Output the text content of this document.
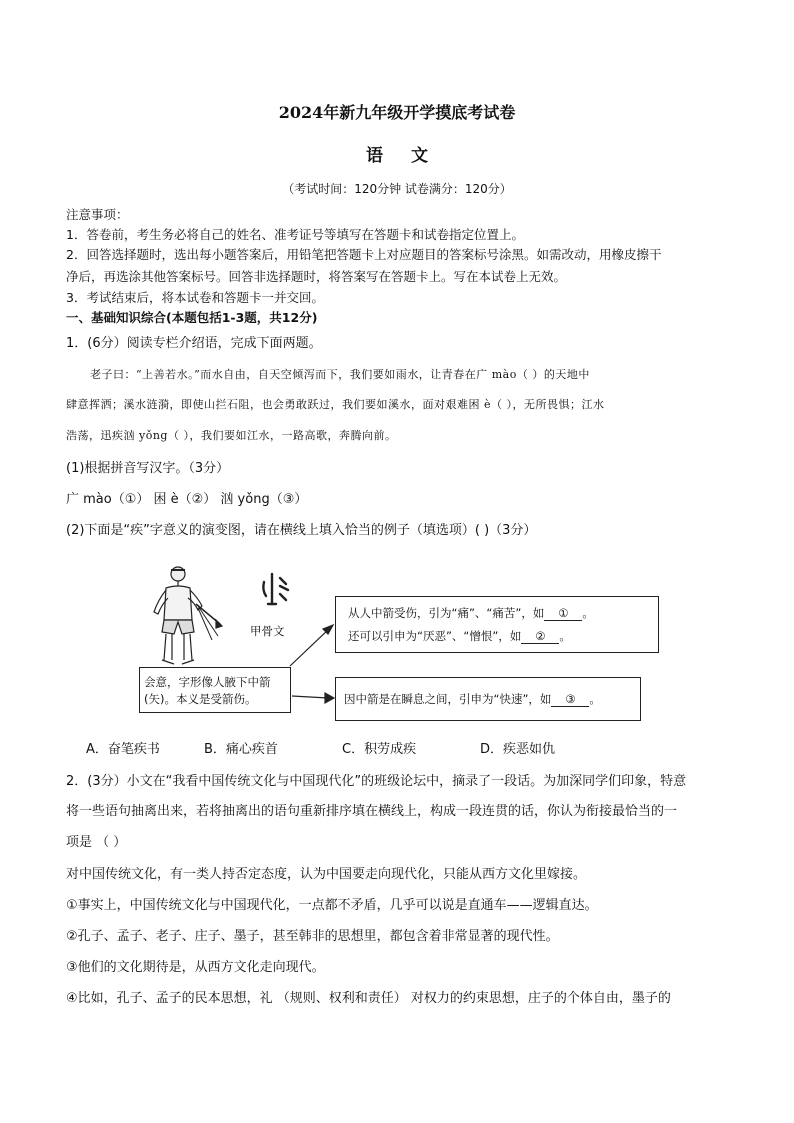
2024年新九年级开学摸底考试卷
语文
（考试时间：120分钟 试卷满分：120分）
注意事项：
1．答卷前，考生务必将自己的姓名、准考证号等填写在答题卡和试卷指定位置上。
2．回答选择题时，选出每小题答案后，用铅笔把答题卡上对应题目的答案标号涂黑。如需改动，用橡皮擦干
净后，再选涂其他答案标号。回答非选择题时，将答案写在答题卡上。写在本试卷上无效。
3．考试结束后，将本试卷和答题卡一并交回。
一、基础知识综合(本题包括1-3题，共12分)
1．(6分）阅读专栏介绍语，完成下面两题。
老子曰：“上善若水。”而水自由，自天空倾泻而下，我们要如雨水，让青春在广 mào（ ）的天地中
肆意挥洒；溪水涟漪，即使山拦石阻，也会勇敢跃过，我们要如溪水，面对艰难困 è（ ），无所畏惧；江水
浩荡，迅疾汹 yǒng（ ），我们要如江水，一路高歌，奔腾向前。
(1)根据拼音写汉字。（3分）
广 mào（①） 困 è（②） 汹 yǒng（③）
(2)下面是“疾”字意义的演变图，请在横线上填入恰当的例子（填选项）( )（3分）
甲骨文
会意，字形像人腋下中箭
(矢)。本义是受箭伤。
从人中箭受伤，引为“痛”、“痛苦”，如 ① 。
还可以引申为“厌恶”、“憎恨”，如 ② 。
因中箭是在瞬息之间，引申为“快速”，如 ③ 。
A．奋笔疾书	B．痛心疾首	C．积劳成疾	D．疾恶如仇
2．(3分）小文在“我看中国传统文化与中国现代化”的班级论坛中，摘录了一段话。为加深同学们印象，特意
将一些语句抽离出来，若将抽离出的语句重新排序填在横线上，构成一段连贯的话，你认为衔接最恰当的一
项是 （ ）
对中国传统文化，有一类人持否定态度，认为中国要走向现代化，只能从西方文化里嫁接。
①事实上，中国传统文化与中国现代化，一点都不矛盾，几乎可以说是直通车——逻辑直达。
②孔子、孟子、老子、庄子、墨子，甚至韩非的思想里，都包含着非常显著的现代性。
③他们的文化期待是，从西方文化走向现代。
④比如，孔子、孟子的民本思想，礼 （规则、权利和责任） 对权力的约束思想，庄子的个体自由，墨子的
